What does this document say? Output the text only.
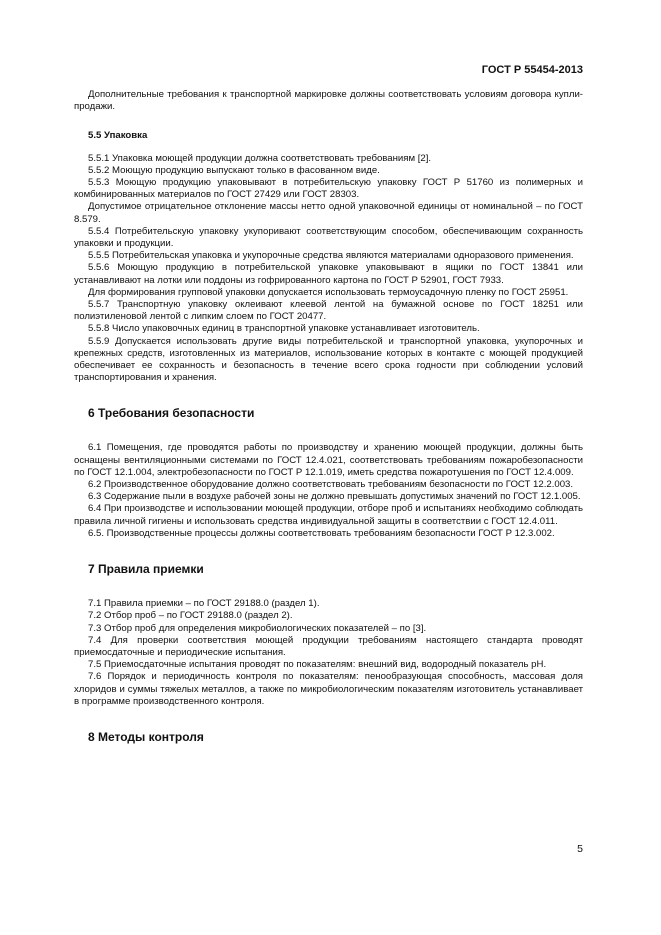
ГОСТ Р 55454-2013

Дополнительные требования к транспортной маркировке должны соответствовать условиям договора купли-продажи.

5.5 Упаковка

5.5.1 Упаковка моющей продукции должна соответствовать требованиям [2].

5.5.2 Моющую продукцию выпускают только в фасованном виде.

5.5.3 Моющую продукцию упаковывают в потребительскую упаковку ГОСТ Р 51760 из полимерных и комбинированных материалов по ГОСТ 27429 или ГОСТ 28303.

Допустимое отрицательное отклонение массы нетто одной упаковочной единицы от номинальной – по ГОСТ 8.579.

5.5.4 Потребительскую упаковку укупоривают соответствующим способом, обеспечивающим сохранность упаковки и продукции.

5.5.5 Потребительская упаковка и укупорочные средства являются материалами одноразового применения.

5.5.6 Моющую продукцию в потребительской упаковке упаковывают в ящики по ГОСТ 13841 или устанавливают на лотки или поддоны из гофрированного картона по ГОСТ Р 52901, ГОСТ 7933.

Для формирования групповой упаковки допускается использовать термоусадочную пленку по ГОСТ 25951.

5.5.7 Транспортную упаковку оклеивают клеевой лентой на бумажной основе по ГОСТ 18251 или полиэтиленовой лентой с липким слоем по ГОСТ 20477.

5.5.8 Число упаковочных единиц в транспортной упаковке устанавливает изготовитель.

5.5.9 Допускается использовать другие виды потребительской и транспортной упаковка, укупорочных и крепежных средств, изготовленных из материалов, использование которых в контакте с моющей продукцией обеспечивает ее сохранность и безопасность в течение всего срока годности при соблюдении условий транспортирования и хранения.

6 Требования безопасности

6.1 Помещения, где проводятся работы по производству и хранению моющей продукции, должны быть оснащены вентиляционными системами по ГОСТ 12.4.021, соответствовать требованиям пожаробезопасности по ГОСТ 12.1.004, электробезопасности по ГОСТ Р 12.1.019, иметь средства пожаротушения по ГОСТ 12.4.009.

6.2 Производственное оборудование должно соответствовать требованиям безопасности по ГОСТ 12.2.003.

6.3 Содержание пыли в воздухе рабочей зоны не должно превышать допустимых значений по ГОСТ 12.1.005.

6.4 При производстве и использовании моющей продукции, отборе проб и испытаниях необходимо соблюдать правила личной гигиены и использовать средства индивидуальной защиты в соответствии с ГОСТ 12.4.011.

6.5. Производственные процессы должны соответствовать требованиям безопасности ГОСТ Р 12.3.002.

7 Правила приемки

7.1 Правила приемки – по ГОСТ 29188.0 (раздел 1).

7.2 Отбор проб – по ГОСТ 29188.0 (раздел 2).

7.3 Отбор проб для определения микробиологических показателей – по [3].

7.4 Для проверки соответствия моющей продукции требованиям настоящего стандарта проводят приемосдаточные и периодические испытания.

7.5 Приемосдаточные испытания проводят по показателям: внешний вид, водородный показатель рН.

7.6 Порядок и периодичность контроля по показателям: пенообразующая способность, массовая доля хлоридов и суммы тяжелых металлов, а также по микробиологическим показателям изготовитель устанавливает в программе производственного контроля.

8 Методы контроля

5
